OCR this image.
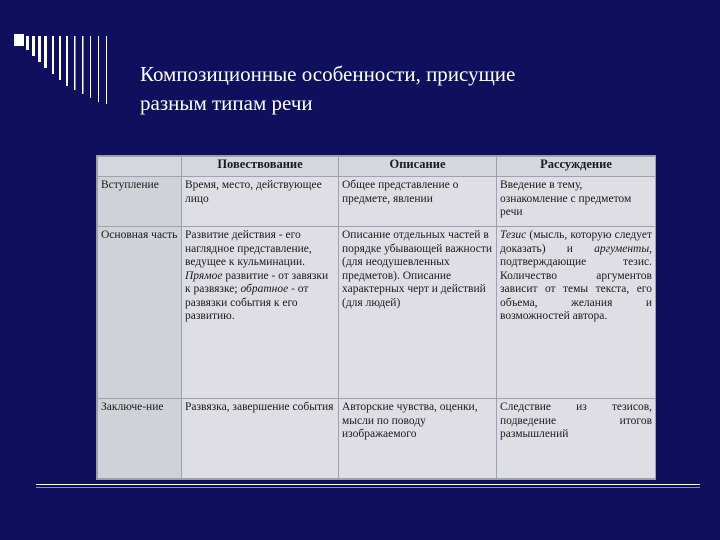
Композиционные особенности, присущие
разным типам речи
	Повествование	Описание	Рассуждение
Вступление	Время, место, действующее лицо	Общее представление о предмете, явлении	Введение в тему, ознакомление с предметом речи
Основная часть	Развитие действия - его наглядное представление, ведущее к кульминации. Прямое развитие - от завязки к развязке; обратное - от развязки события к его развитию.	Описание отдельных частей в порядке убывающей важности (для неодушевленных предметов). Описание характерных черт и действий (для людей)	Тезис (мысль, которую следует доказать) и аргументы, подтверждающие тезис. Количество аргументов зависит от темы текста, его объема, желания и возможностей автора.
Заключе-ние	Развязка, завершение события	Авторские чувства, оценки, мысли по поводу изображаемого	Следствие из тезисов, подведение итогов размышлений
